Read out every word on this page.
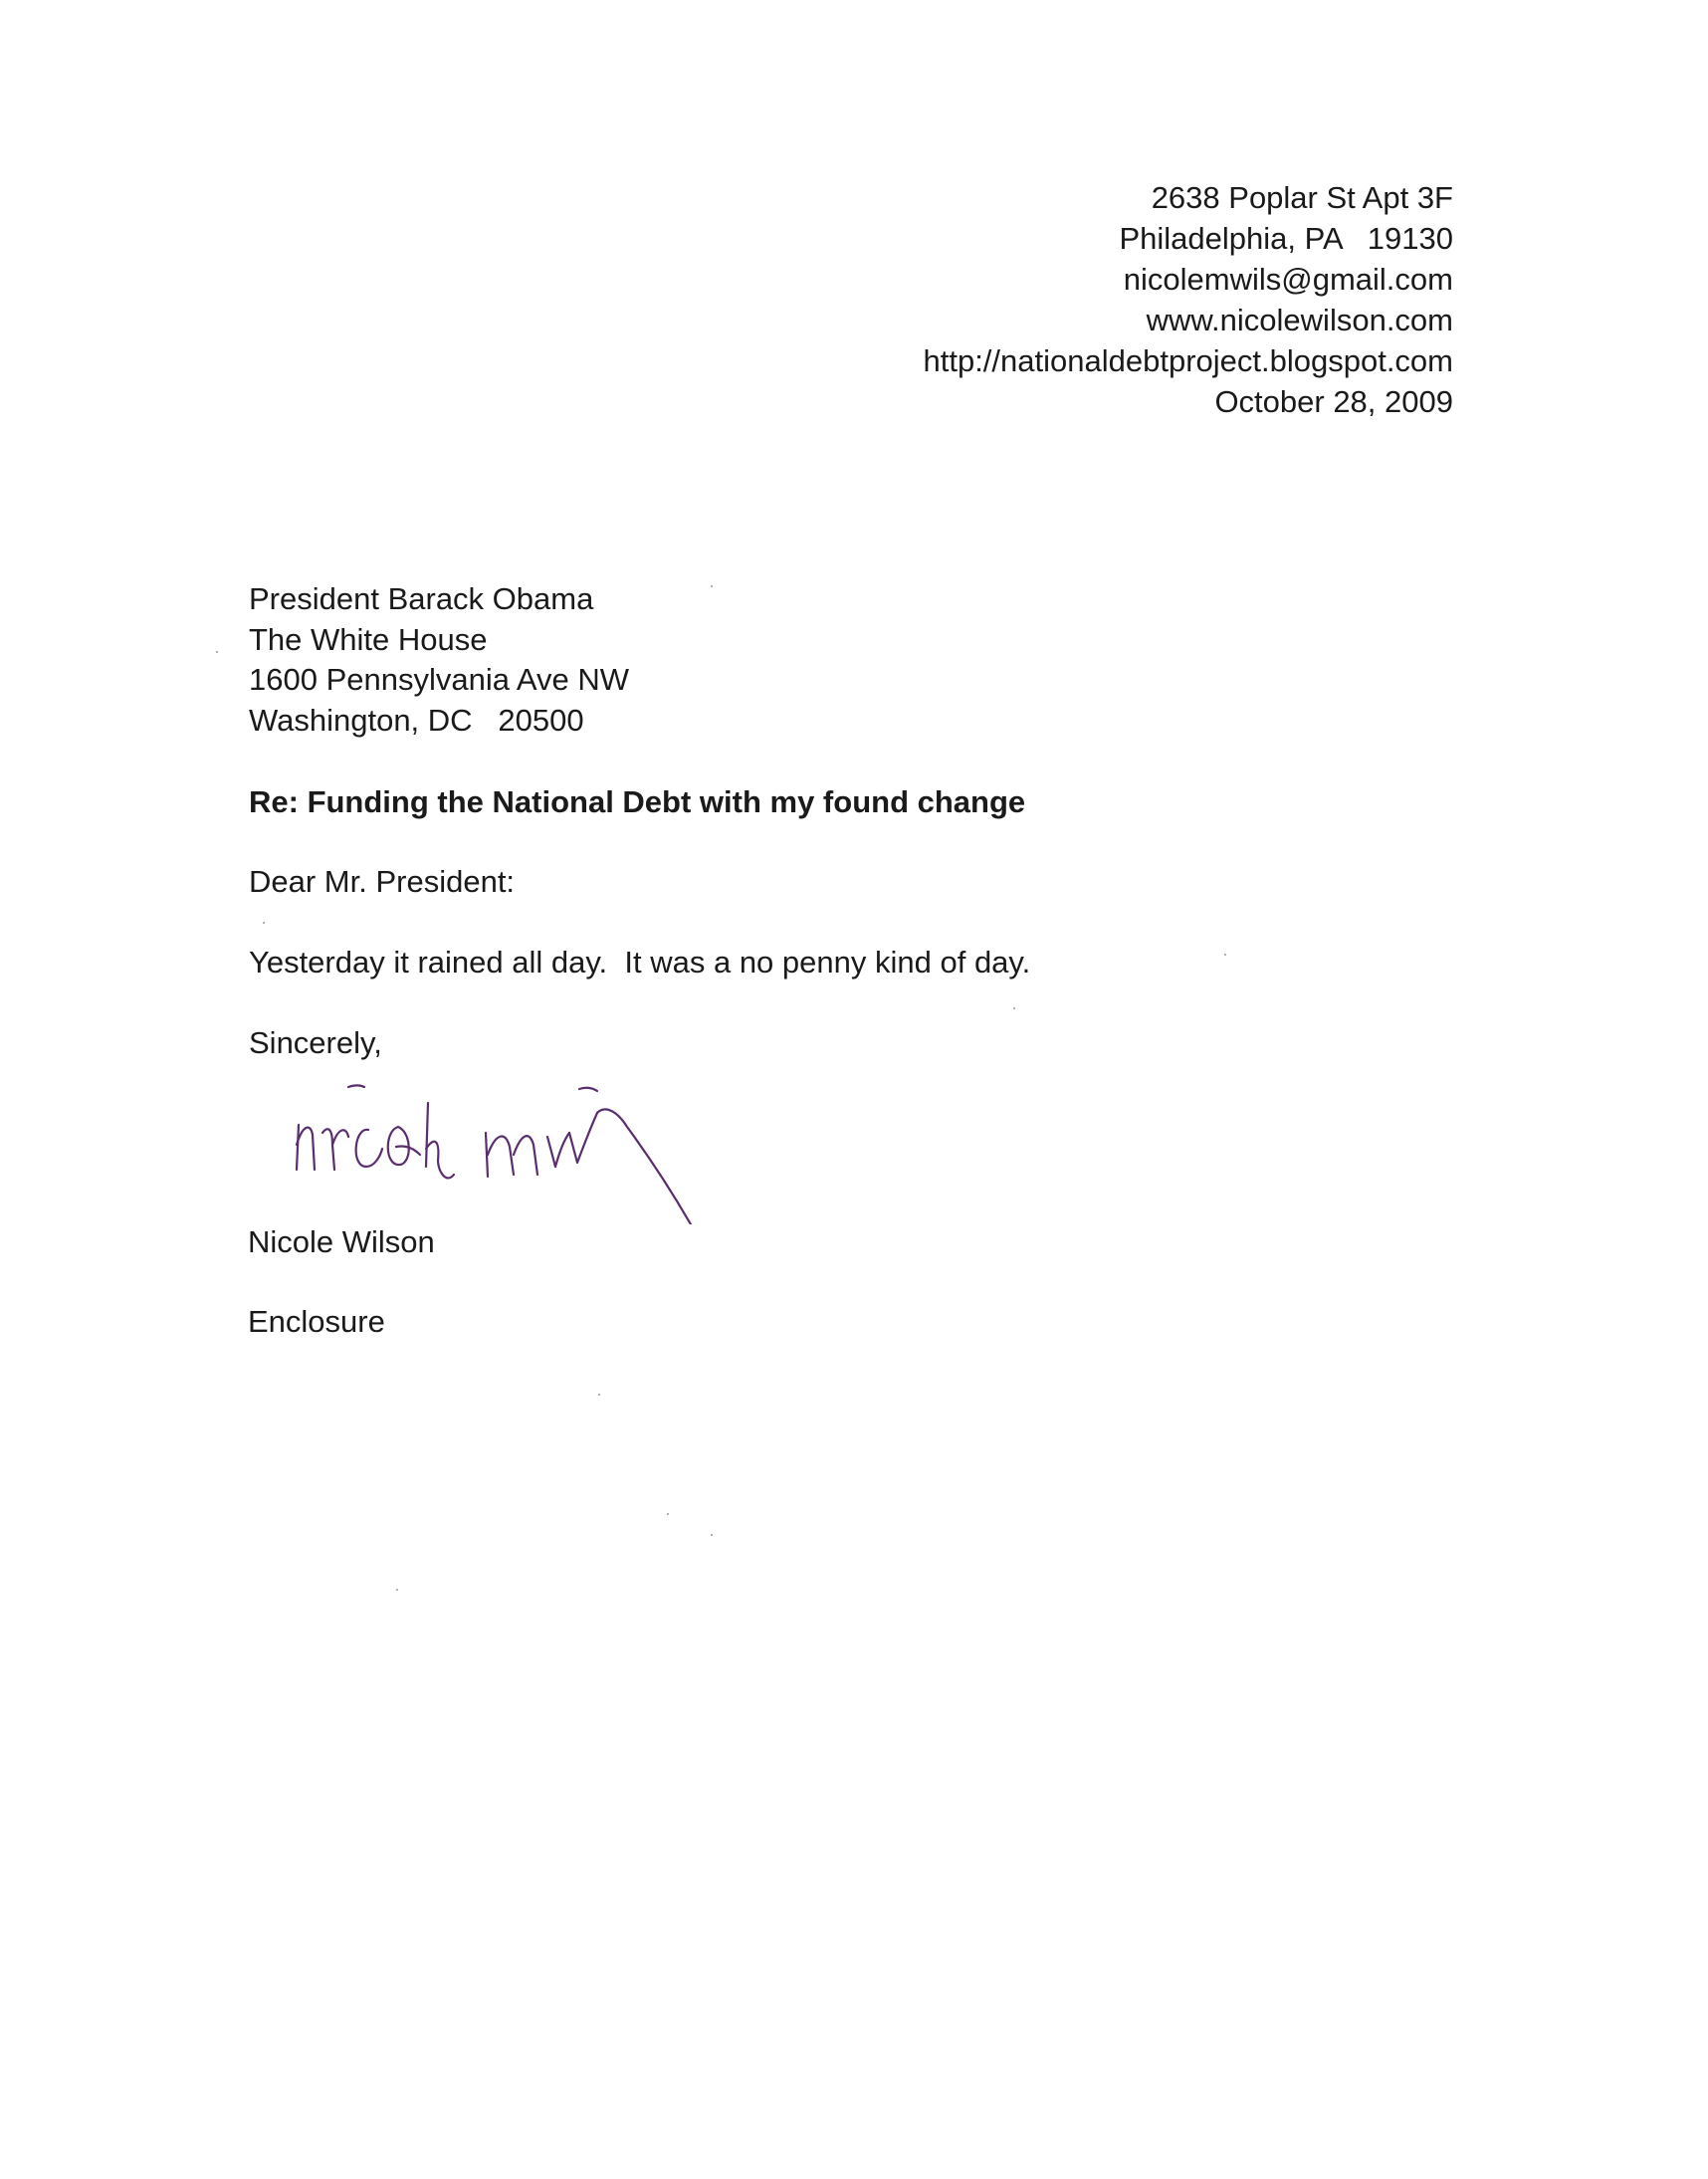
2638 Poplar St Apt 3F
Philadelphia, PA   19130
nicolemwils@gmail.com
www.nicolewilson.com
http://nationaldebtproject.blogspot.com
October 28, 2009
President Barack Obama
The White House
1600 Pennsylvania Ave NW
Washington, DC   20500
Re: Funding the National Debt with my found change
Dear Mr. President:
Yesterday it rained all day.  It was a no penny kind of day.
Sincerely,
Nicole Wilson
Enclosure
